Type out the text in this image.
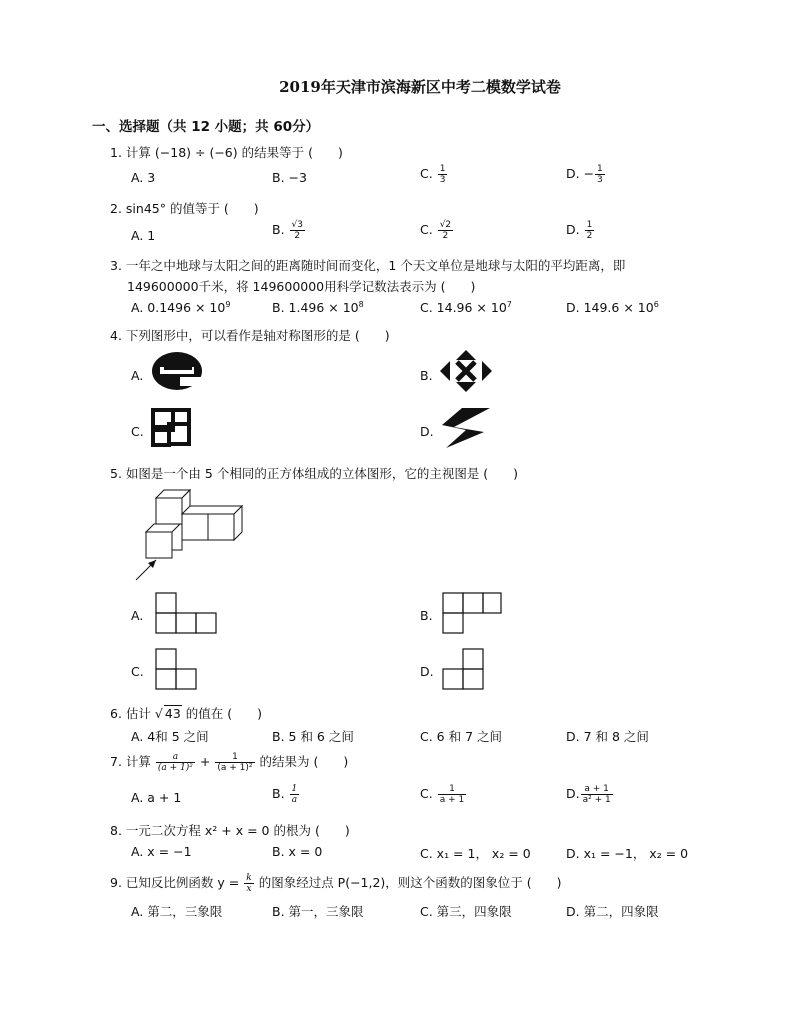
2019年天津市滨海新区中考二模数学试卷
一、选择题（共 12 小题；共 60分）
1. 计算 (−18) ÷ (−6) 的结果等于 (　　)
A. 3	B. −3	C. $\frac{1}{3}$	D. − $\frac{1}{3}$
2. sin45° 的值等于 (　　)
A. 1	B. $\frac{√3}{2}$	C. $\frac{√2}{2}$	D. $\frac{1}{2}$
3. 一年之中地球与太阳之间的距离随时间而变化，1 个天文单位是地球与太阳的平均距离，即
149600000千米，将 149600000用科学记数法表示为 (　　)
A. $0.1496 \times 10^9$	B. $1.496 \times 10^8$	C. $14.96 \times 10^7$	D. $149.6 \times 10^6$
4. 下列图形中，可以看作是轴对称图形的是 (　　)
A.	B.
C.	D.
5. 如图是一个由 5 个相同的正方体组成的立体图形，它的主视图是 (　　)
A.	B.
C.	D.
6. 估计 √ 43 的值在 (　　)
A. 4和 5 之间	B. 5 和 6 之间	C. 6 和 7 之间	D. 7 和 8 之间
7. 计算 $\frac{a}{\text{(a + 1)²}} + \frac{1}{\text{(a + 1)²}}$ 的结果为 (　　)
A. a + 1	B. $\frac{1}{a}$	C. $\frac{1}{a + 1}$	D. $\frac{a + 1}{\text{a² + 1}}$
8. 一元二次方程 x² + x = 0 的根为 (　　)
A. x = −1	B. x = 0	C. x₁ = 1， x₂ = 0	D. x₁ = −1， x₂ = 0
9. 已知反比例函数 $y = \frac{k}{x}$ 的图象经过点 P(−1,2)，则这个函数的图象位于 (　　)
A. 第二，三象限	B. 第一，三象限	C. 第三，四象限	D. 第二，四象限
